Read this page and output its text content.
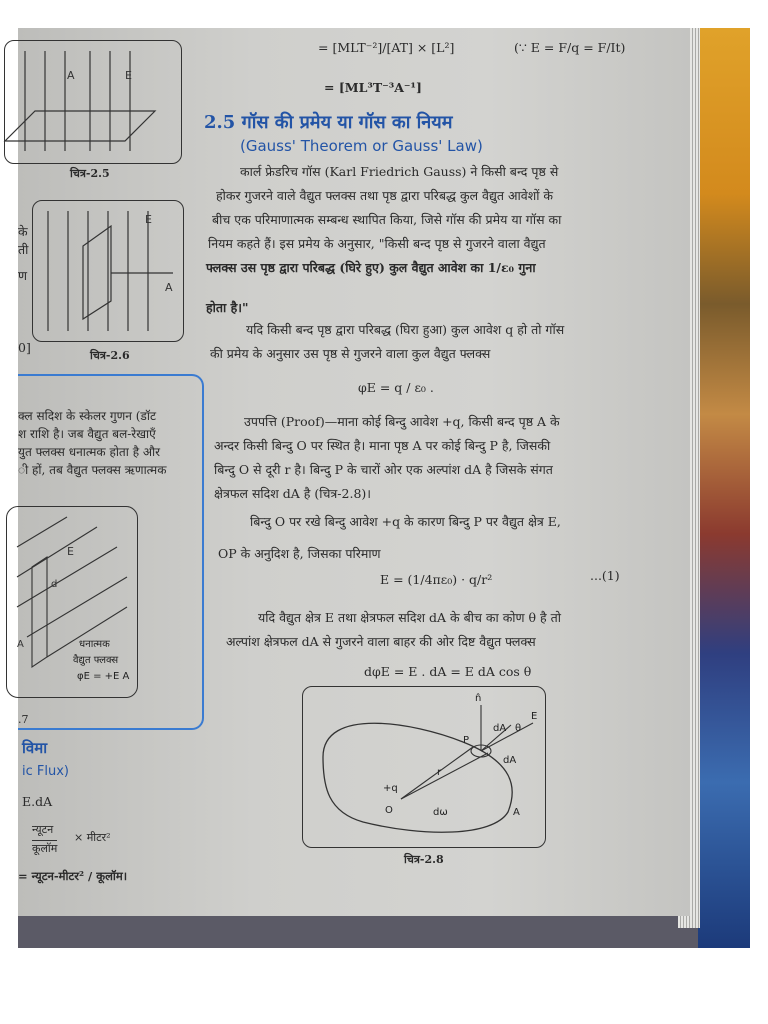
A	E
चित्र-2.5
E
A
चित्र-2.6
के
ती
ण
0]
क्ल सदिश के स्केलर गुणन (डॉट
श राशि है। जब वैद्युत बल-रेखाएँ
युत फ्लक्स धनात्मक होता है और
ी हों, तब वैद्युत फ्लक्स ऋणात्मक
E
d
A	धनात्मक
वैद्युत फ्लक्स
φE = +E A
.7
विमा
ic Flux)
E.dA
न्यूटन
कूलॉम
× मीटर²
= न्यूटन-मीटर² / कूलॉम।
= [MLT⁻²]/[AT] × [L²]	(∵ E = F/q = F/It)
= [ML³T⁻³A⁻¹]
2.5 गॉस की प्रमेय या गॉस का नियम
(Gauss' Theorem or Gauss' Law)
कार्ल फ्रेडरिच गॉस (Karl Friedrich Gauss) ने किसी बन्द पृष्ठ से
होकर गुजरने वाले वैद्युत फ्लक्स तथा पृष्ठ द्वारा परिबद्ध कुल वैद्युत आवेशों के
बीच एक परिमाणात्मक सम्बन्ध स्थापित किया, जिसे गॉस की प्रमेय या गॉस का
नियम कहते हैं। इस प्रमेय के अनुसार, "किसी बन्द पृष्ठ से गुजरने वाला वैद्युत
फ्लक्स उस पृष्ठ द्वारा परिबद्ध (घिरे हुए) कुल वैद्युत आवेश का 1/ε₀ गुना
होता है।"
यदि किसी बन्द पृष्ठ द्वारा परिबद्ध (घिरा हुआ) कुल आवेश q हो तो गॉस
की प्रमेय के अनुसार उस पृष्ठ से गुजरने वाला कुल वैद्युत फ्लक्स
φE = q / ε₀ .
उपपत्ति (Proof)—माना कोई बिन्दु आवेश +q, किसी बन्द पृष्ठ A के
अन्दर किसी बिन्दु O पर स्थित है। माना पृष्ठ A पर कोई बिन्दु P है, जिसकी
बिन्दु O से दूरी r है। बिन्दु P के चारों ओर एक अल्पांश dA है जिसके संगत
क्षेत्रफल सदिश dA है (चित्र-2.8)।
बिन्दु O पर रखे बिन्दु आवेश +q के कारण बिन्दु P पर वैद्युत क्षेत्र E,
OP के अनुदिश है, जिसका परिमाण
E = (1/4πε₀) · q/r²	...(1)
यदि वैद्युत क्षेत्र E तथा क्षेत्रफल सदिश dA के बीच का कोण θ है तो
अल्पांश क्षेत्रफल dA से गुजरने वाला बाहर की ओर दिष्ट वैद्युत फ्लक्स
dφE = E . dA = E dA cos θ
n̂
dA θ
E
P
r
dA
+q
O	dω	A
चित्र-2.8
